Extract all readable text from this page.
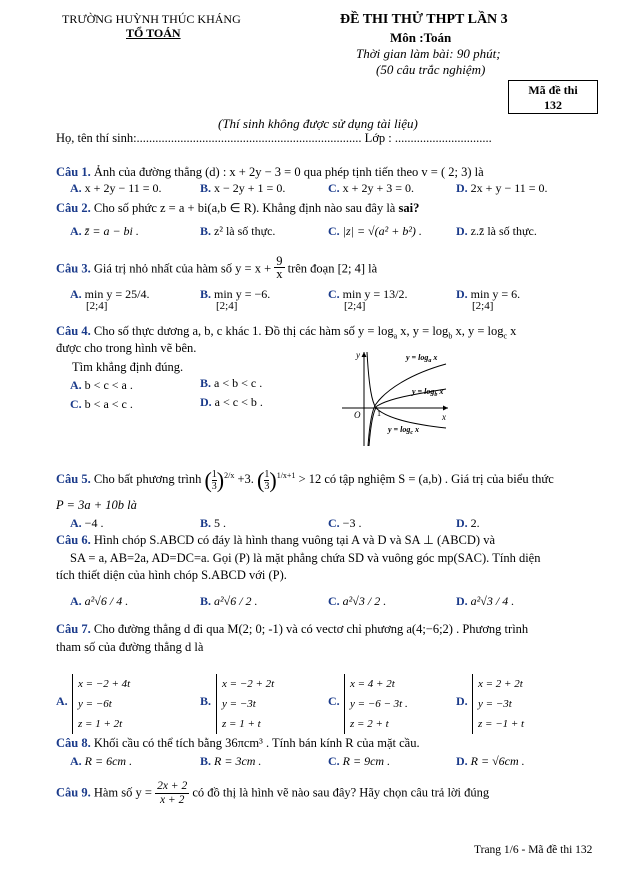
TRƯỜNG HUỲNH THÚC KHÁNG
TỔ TOÁN
ĐỀ THI THỬ THPT LẦN 3
Môn :Toán
Thời gian làm bài: 90 phút;
(50 câu trắc nghiệm)
Mã đề thi
132
(Thí sinh không được sử dụng tài liệu)
Họ, tên thí sinh:........................................................................ Lớp : ...............................
Câu 1. Ảnh của đường thẳng (d) : x + 2y − 3 = 0 qua phép tịnh tiến theo v = ( 2; 3) là
A. x + 2y − 11 = 0.	B. x − 2y + 1 = 0.	C. x + 2y + 3 = 0.	D. 2x + y − 11 = 0.
Câu 2. Cho số phức z = a + bi(a,b ∈ R). Khẳng định nào sau đây là sai?
A. z̄ = a − bi .	B. z² là số thực.	C. |z| = √(a² + b²) .	D. z.z̄ là số thực.
Câu 3. Giá trị nhỏ nhất của hàm số $y = x + \frac{9}{x}$ trên đoạn [2; 4] là
A. min y = 25/4.
[2;4]
B. min y = −6.
[2;4]
C. min y = 13/2.
[2;4]
D. min y = 6.
[2;4]
Câu 4. Cho số thực dương a, b, c khác 1. Đồ thị các hàm số $y = \log_a x$, $y = \log_b x$, $y = \log_c x$
được cho trong hình vẽ bên.
Tìm khẳng định đúng.
A. b < c < a .	B. a < b < c .
C. b < a < c .	D. a < c < b .
y
x
O 1
$y = \log_a x$
$y = \log_b x$
$y = \log_c x$
Câu 5. Cho bất phương trình ( $\frac{1}{3} )^{2/x} +3$. ( $\frac{1}{3} )^{1/x+1} > 12$ có tập nghiệm S = (a,b) . Giá trị của biểu thức
P = 3a + 10b là
A. −4 .	B. 5 .	C. −3 .	D. 2.
Câu 6. Hình chóp S.ABCD có đáy là hình thang vuông tại A và D và SA ⊥ (ABCD) và
SA = a, AB=2a, AD=DC=a. Gọi (P) là mặt phẳng chứa SD và vuông góc mp(SAC). Tính diện
tích thiết diện của hình chóp S.ABCD với (P).
A. a²√6 / 4 .	B. a²√6 / 2 .	C. a²√3 / 2 .	D. a²√3 / 4 .
Câu 7. Cho đường thẳng d đi qua M(2; 0; -1) và có vectơ chỉ phương a(4;−6;2) . Phương trình
tham số của đường thẳng d là
A.
x = −2 + 4t
y = −6t
z = 1 + 2t
B.
x = −2 + 2t
y = −3t
z = 1 + t
C.
x = 4 + 2t
y = −6 − 3t .
z = 2 + t
D.
x = 2 + 2t
y = −3t
z = −1 + t
Câu 8. Khối cầu có thể tích bằng 36πcm³ . Tính bán kính R của mặt cầu.
A. R = 6cm .	B. R = 3cm .	C. R = 9cm .	D. R = √6cm .
Câu 9. Hàm số $y = \frac{2x + 2}{x + 2}$ có đồ thị là hình vẽ nào sau đây? Hãy chọn câu trả lời đúng
Trang 1/6 - Mã đề thi 132
